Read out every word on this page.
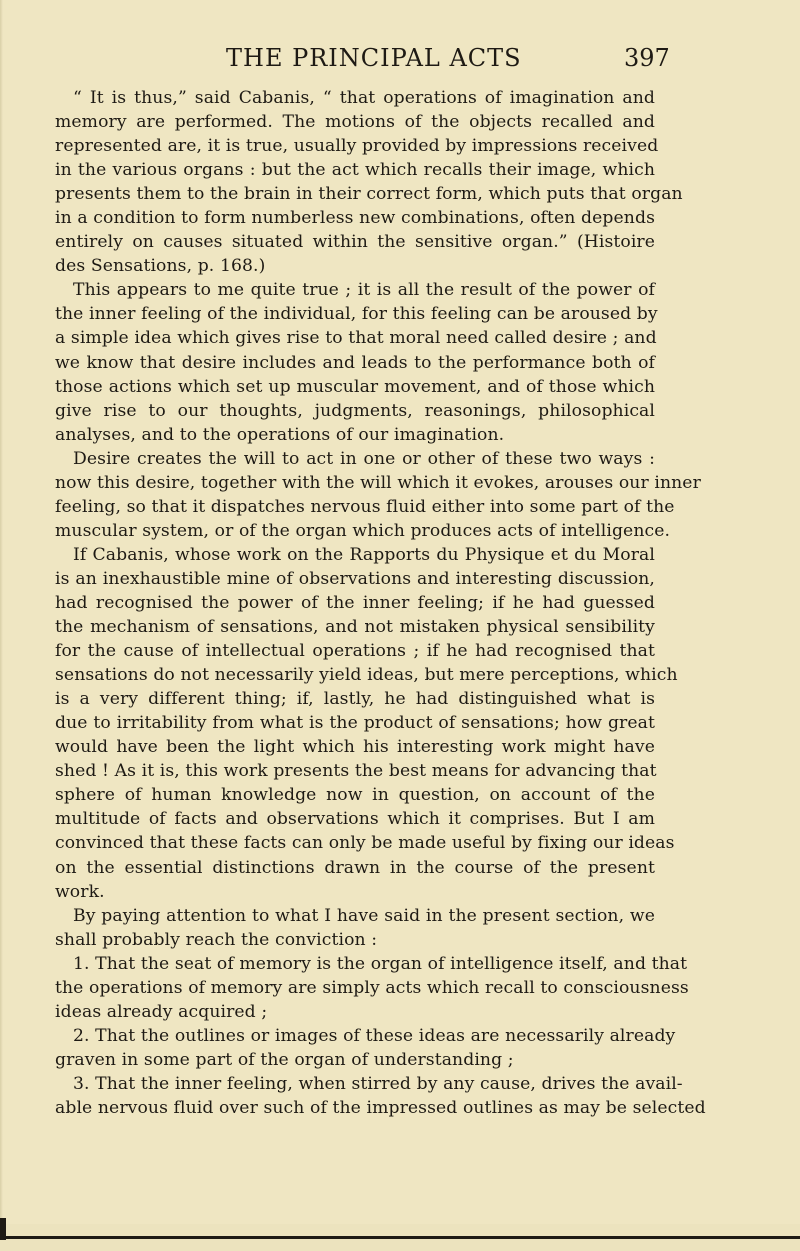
THE PRINCIPAL ACTS	397
“ It is thus,” said Cabanis, “ that operations of imagination and
memory are performed. The motions of the objects recalled and
represented are, it is true, usually provided by impressions received
in the various organs : but the act which recalls their image, which
presents them to the brain in their correct form, which puts that organ
in a condition to form numberless new combinations, often depends
entirely on causes situated within the sensitive organ.” (Histoire
des Sensations, p. 168.)
This appears to me quite true ; it is all the result of the power of
the inner feeling of the individual, for this feeling can be aroused by
a simple idea which gives rise to that moral need called desire ; and
we know that desire includes and leads to the performance both of
those actions which set up muscular movement, and of those which
give rise to our thoughts, judgments, reasonings, philosophical
analyses, and to the operations of our imagination.
Desire creates the will to act in one or other of these two ways :
now this desire, together with the will which it evokes, arouses our inner
feeling, so that it dispatches nervous fluid either into some part of the
muscular system, or of the organ which produces acts of intelligence.
If Cabanis, whose work on the Rapports du Physique et du Moral
is an inexhaustible mine of observations and interesting discussion,
had recognised the power of the inner feeling; if he had guessed
the mechanism of sensations, and not mistaken physical sensibility
for the cause of intellectual operations ; if he had recognised that
sensations do not necessarily yield ideas, but mere perceptions, which
is a very different thing; if, lastly, he had distinguished what is
due to irritability from what is the product of sensations; how great
would have been the light which his interesting work might have
shed ! As it is, this work presents the best means for advancing that
sphere of human knowledge now in question, on account of the
multitude of facts and observations which it comprises. But I am
convinced that these facts can only be made useful by fixing our ideas
on the essential distinctions drawn in the course of the present
work.
By paying attention to what I have said in the present section, we
shall probably reach the conviction :
1. That the seat of memory is the organ of intelligence itself, and that
the operations of memory are simply acts which recall to consciousness
ideas already acquired ;
2. That the outlines or images of these ideas are necessarily already
graven in some part of the organ of understanding ;
3. That the inner feeling, when stirred by any cause, drives the avail-
able nervous fluid over such of the impressed outlines as may be selected
